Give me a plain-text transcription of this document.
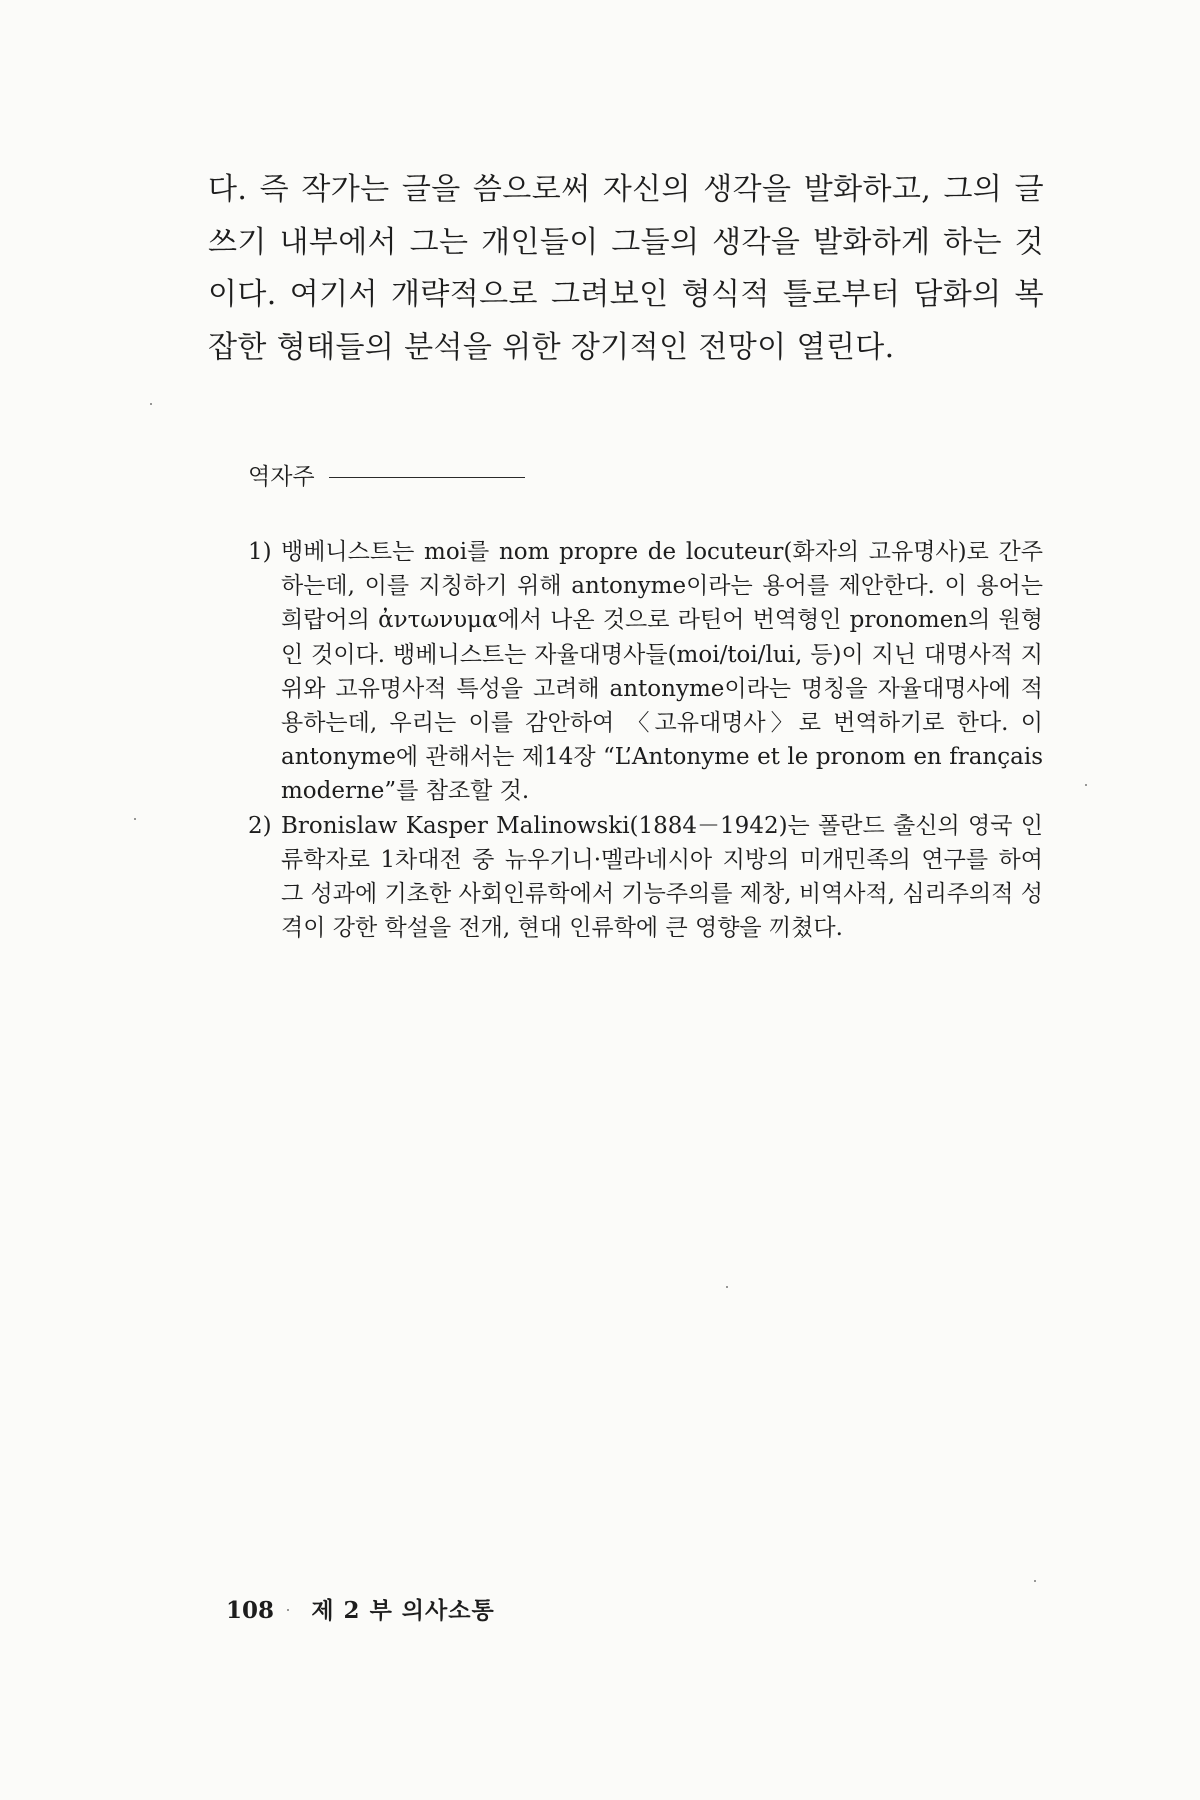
다. 즉 작가는 글을 씀으로써 자신의 생각을 발화하고, 그의 글쓰기 내부에서 그는 개인들이 그들의 생각을 발화하게 하는 것이다. 여기서 개략적으로 그려보인 형식적 틀로부터 담화의 복잡한 형태들의 분석을 위한 장기적인 전망이 열린다.

역자주
1) 뱅베니스트는 moi를 nom propre de locuteur(화자의 고유명사)로 간주하는데, 이를 지칭하기 위해 antonyme이라는 용어를 제안한다. 이 용어는 희랍어의 ἀντωνυμα에서 나온 것으로 라틴어 번역형인 pronomen의 원형인 것이다. 뱅베니스트는 자율대명사들(moi/toi/lui, 등)이 지닌 대명사적 지위와 고유명사적 특성을 고려해 antonyme이라는 명칭을 자율대명사에 적용하는데, 우리는 이를 감안하여 〈고유대명사〉로 번역하기로 한다. 이 antonyme에 관해서는 제14장 “L’Antonyme et le pronom en français moderne”를 참조할 것.
2) Bronislaw Kasper Malinowski(1884－1942)는 폴란드 출신의 영국 인류학자로 1차대전 중 뉴우기니·멜라네시아 지방의 미개민족의 연구를 하여 그 성과에 기초한 사회인류학에서 기능주의를 제창, 비역사적, 심리주의적 성격이 강한 학설을 전개, 현대 인류학에 큰 영향을 끼쳤다.
108 제 2 부 의사소통
